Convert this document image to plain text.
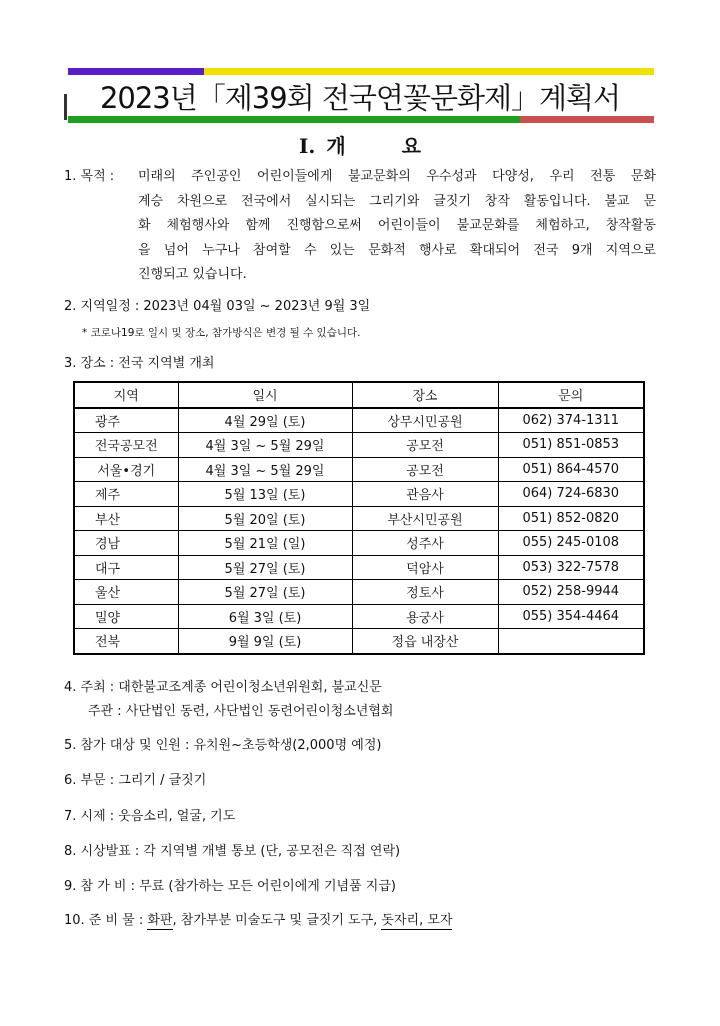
2023년「제39회 전국연꽃문화제」계획서
Ⅰ. 개	요
1. 목적 : 미래의 주인공인 어린이들에게 불교문화의 우수성과 다양성, 우리 전통 문화
계승 차원으로 전국에서 실시되는 그리기와 글짓기 창작 활동입니다. 불교 문
화 체험행사와 함께 진행함으로써 어린이들이 불교문화를 체험하고, 창작활동
을 넘어 누구나 참여할 수 있는 문화적 행사로 확대되어 전국 9개 지역으로
진행되고 있습니다.
2. 지역일정 : 2023년 04월 03일 ~ 2023년 9월 3일
* 코로나19로 일시 및 장소, 참가방식은 변경 될 수 있습니다.
3. 장소 : 전국 지역별 개최
지역	일시	장소	문의
광주	4월 29일 (토)	상무시민공원	062) 374-1311
전국공모전	4월 3일 ~ 5월 29일	공모전	051) 851-0853
서울•경기	4월 3일 ~ 5월 29일	공모전	051) 864-4570
제주	5월 13일 (토)	관음사	064) 724-6830
부산	5월 20일 (토)	부산시민공원	051) 852-0820
경남	5월 21일 (일)	성주사	055) 245-0108
대구	5월 27일 (토)	덕암사	053) 322-7578
울산	5월 27일 (토)	정토사	052) 258-9944
밀양	6월 3일 (토)	용궁사	055) 354-4464
전북	9월 9일 (토)	정읍 내장산	
4. 주최 : 대한불교조계종 어린이청소년위원회, 불교신문
주관 : 사단법인 동련, 사단법인 동련어린이청소년협회
5. 참가 대상 및 인원 : 유치원~초등학생(2,000명 예정)
6. 부문 : 그리기 / 글짓기
7. 시제 : 웃음소리, 얼굴, 기도
8. 시상발표 : 각 지역별 개별 통보 (단, 공모전은 직접 연락)
9. 참 가 비 : 무료 (참가하는 모든 어린이에게 기념품 지급)
10. 준 비 물 : 화판, 참가부분 미술도구 및 글짓기 도구, 돗자리, 모자
